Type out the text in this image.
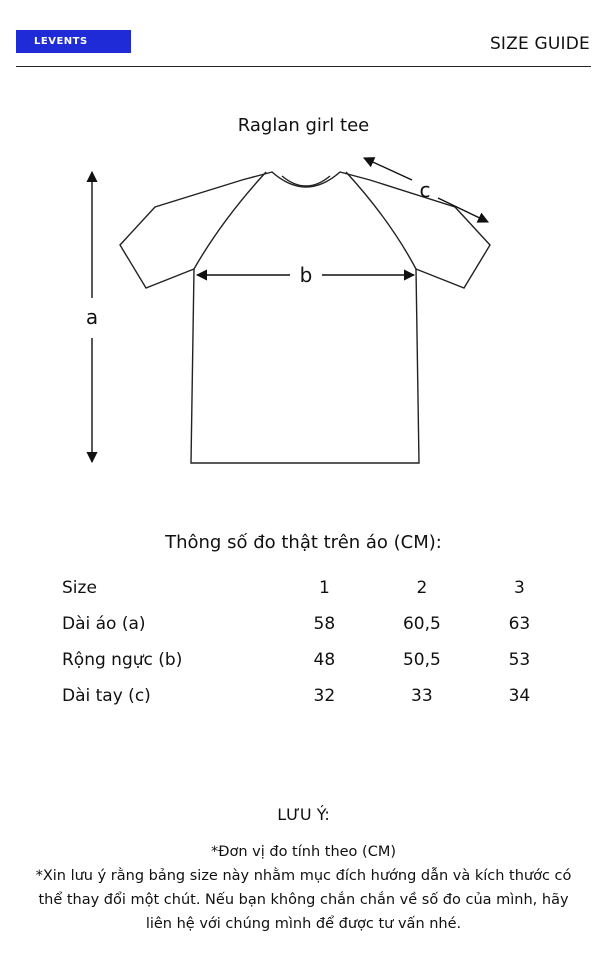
LEVENTS	SIZE GUIDE
Raglan girl tee
a
b
c
Thông số đo thật trên áo (CM):
Size	1	2	3
Dài áo (a)	58	60,5	63
Rộng ngực (b)	48	50,5	53
Dài tay (c)	32	33	34
LƯU Ý:

*Đơn vị đo tính theo (CM)

*Xin lưu ý rằng bảng size này nhằm mục đích hướng dẫn và kích thước có thể thay đổi một chút. Nếu bạn không chắn chắn về số đo của mình, hãy liên hệ với chúng mình để được tư vấn nhé.
